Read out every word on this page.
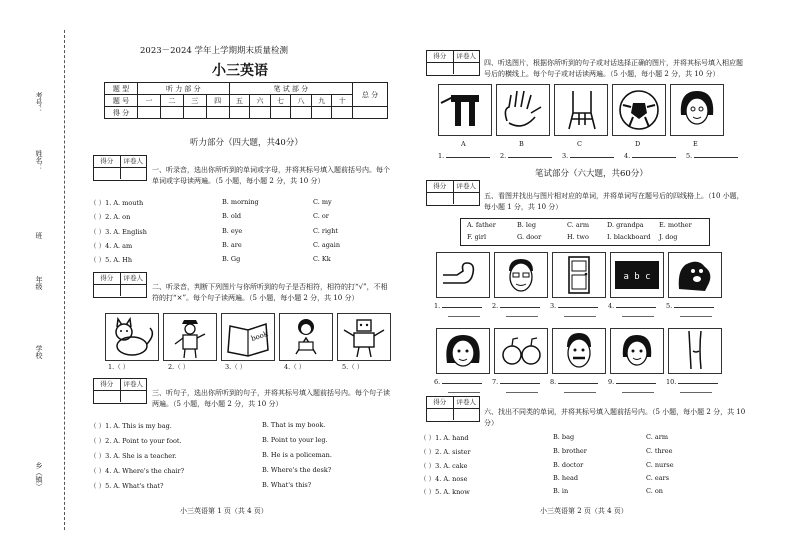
考号：
姓名：
班
年级
学校
乡（镇）
2023－2024 学年上学期期末质量检测
小三英语
题 型	听 力 部 分				笔 试 部 分						总 分
题 号	一	二	三	四	五	六	七	八	九	十	
得 分											
听力部分（四大题，共40分）
得分	评卷人
一、听录音，选出你所听到的单词或字母，并将其标号填入题前括号内。每个单词或字母读两遍。（5 小题，每小题 2 分，共 10 分）
（ ）1. A. mouth	B. morning	C. my
（ ）2. A. on	B. old	C. or
（ ）3. A. English	B. eye	C. right
（ ）4. A. am	B. are	C. again
（ ）5. A. Hh	B. Gg	C. Kk
得分	评卷人
二、听录音，判断下列图片与你所听到的句子是否相符，相符的打“√”，不相符的打“×”。每个句子读两遍。（5 小题，每小题 2 分，共 10 分）
book
1.（ ）	2.（ ）	3.（ ）	4.（ ）	5.（ ）
得分	评卷人
三、听句子，选出你所听到的句子，并将其标号填入题前括号内。每个句子读两遍。（5 小题，每小题 2 分，共 10 分）
（ ）1. A. This is my bag.	B. That is my book.
（ ）2. A. Point to your foot.	B. Point to your leg.
（ ）3. A. She is a teacher.	B. He is a policeman.
（ ）4. A. Where's the chair?	B. Where's the desk?
（ ）5. A. What's that?	B. What's this?
小三英语第 1 页（共 4 页）
得分	评卷人
四、听选图片，根据你所听到的句子或对话选择正确的图片，并将其标号填入相应题号后的横线上。每个句子或对话读两遍。（5 小题，每小题 2 分，共 10 分）
A	B	C	D	E
1.	2.	3.	4.	5.
笔试部分（六大题，共60分）
得分	评卷人
五、看图并找出与图片相对应的单词，并将单词写在题号后的四线格上。（10 小题，每小题 1 分，共 10 分）
A. father	B. leg	C. arm	D. grandpa E. mother
F. girl	G. door	H. two	I. blackboard J. dog
a b c
1.	2.	3.	4.	5.
6.	7.	8.	9.	10.
得分	评卷人
六、找出不同类的单词，并将其标号填入题前括号内。（5 小题，每小题 2 分，共 10 分）
（ ）1. A. hand	B. bag	C. arm
（ ）2. A. sister	B. brother	C. three
（ ）3. A. cake	B. doctor	C. nurse
（ ）4. A. nose	B. head	C. ears
（ ）5. A. know	B. in	C. on
小三英语第 2 页（共 4 页）
